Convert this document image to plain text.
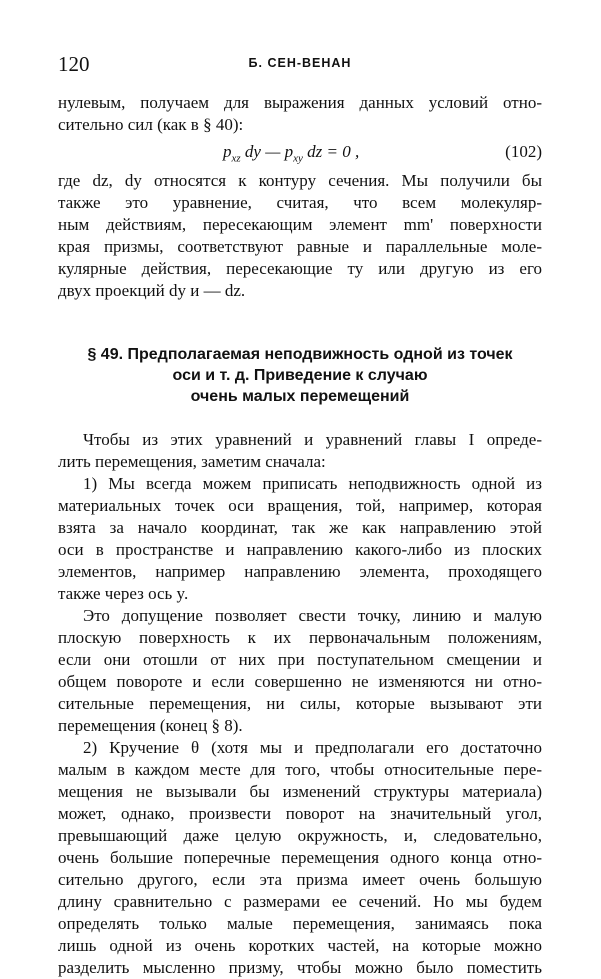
120	Б. СЕН-ВЕНАН
нулевым, получаем для выражения данных условий отно-
сительно сил (как в § 40):
$p_{xz}$ dy — $p_{xy}$ dz = 0 ,	(102)
где dz, dy относятся к контуру сечения. Мы получили бы
также это уравнение, считая, что всем молекуляр-
ным действиям, пересекающим элемент mm' поверхности
края призмы, соответствуют равные и параллельные моле-
кулярные действия, пересекающие ту или другую из его
двух проекций dy и — dz.
§ 49. Предполагаемая неподвижность одной из точек
оси и т. д. Приведение к случаю
очень малых перемещений
Чтобы из этих уравнений и уравнений главы I опреде-
лить перемещения, заметим сначала:
1) Мы всегда можем приписать неподвижность одной из
материальных точек оси вращения, той, например, которая
взята за начало координат, так же как направлению этой
оси в пространстве и направлению какого-либо из плоских
элементов, например направлению элемента, проходящего
также через ось y.
Это допущение позволяет свести точку, линию и малую
плоскую поверхность к их первоначальным положениям,
если они отошли от них при поступательном смещении и
общем повороте и если совершенно не изменяются ни отно-
сительные перемещения, ни силы, которые вызывают эти
перемещения (конец § 8).
2) Кручение θ (хотя мы и предполагали его достаточно
малым в каждом месте для того, чтобы относительные пере-
мещения не вызывали бы изменений структуры материала)
может, однако, произвести поворот на значительный угол,
превышающий даже целую окружность, и, следовательно,
очень большие поперечные перемещения одного конца отно-
сительно другого, если эта призма имеет очень большую
длину сравнительно с размерами ее сечений. Но мы будем
определять только малые перемещения, занимаясь пока
лишь одной из очень коротких частей, на которые можно
разделить мысленно призму, чтобы можно было поместить
